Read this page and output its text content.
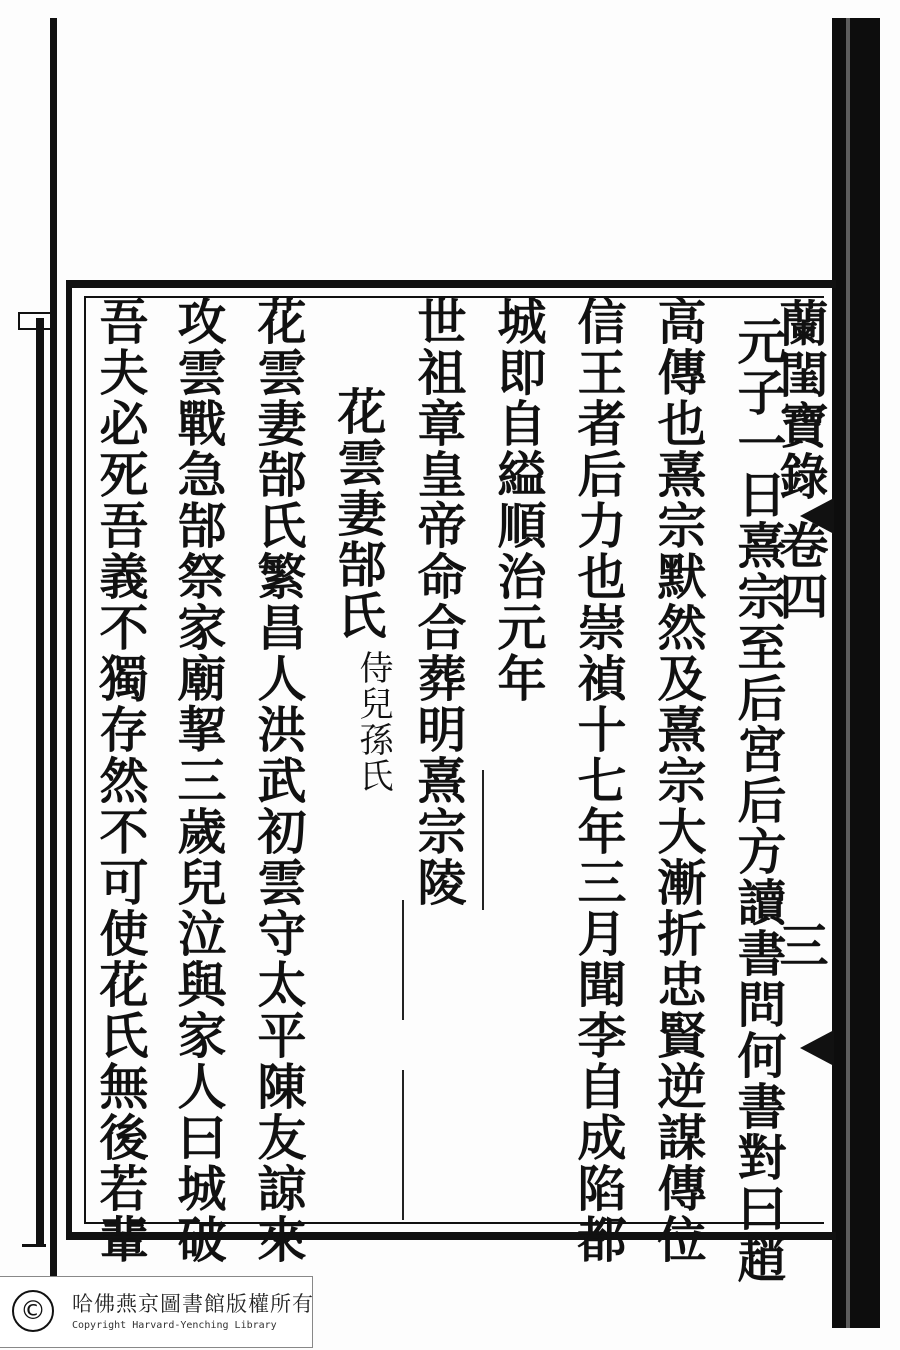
蘭閨寶錄
卷四
三
元子一日熹宗至后宮后方讀書問何書對曰趙
高傳也熹宗默然及熹宗大漸折忠賢逆謀傳位
信王者后力也崇禎十七年三月聞李自成陷都
城即自縊順治元年
世祖章皇帝命合葬明熹宗陵
花雲妻郜氏
侍兒孫氏
花雲妻郜氏繁昌人洪武初雲守太平陳友諒來
攻雲戰急郜祭家廟挈三歲兒泣與家人曰城破
吾夫必死吾義不獨存然不可使花氏無後若輩
©	哈佛燕京圖書館版權所有
Copyright Harvard-Yenching Library
